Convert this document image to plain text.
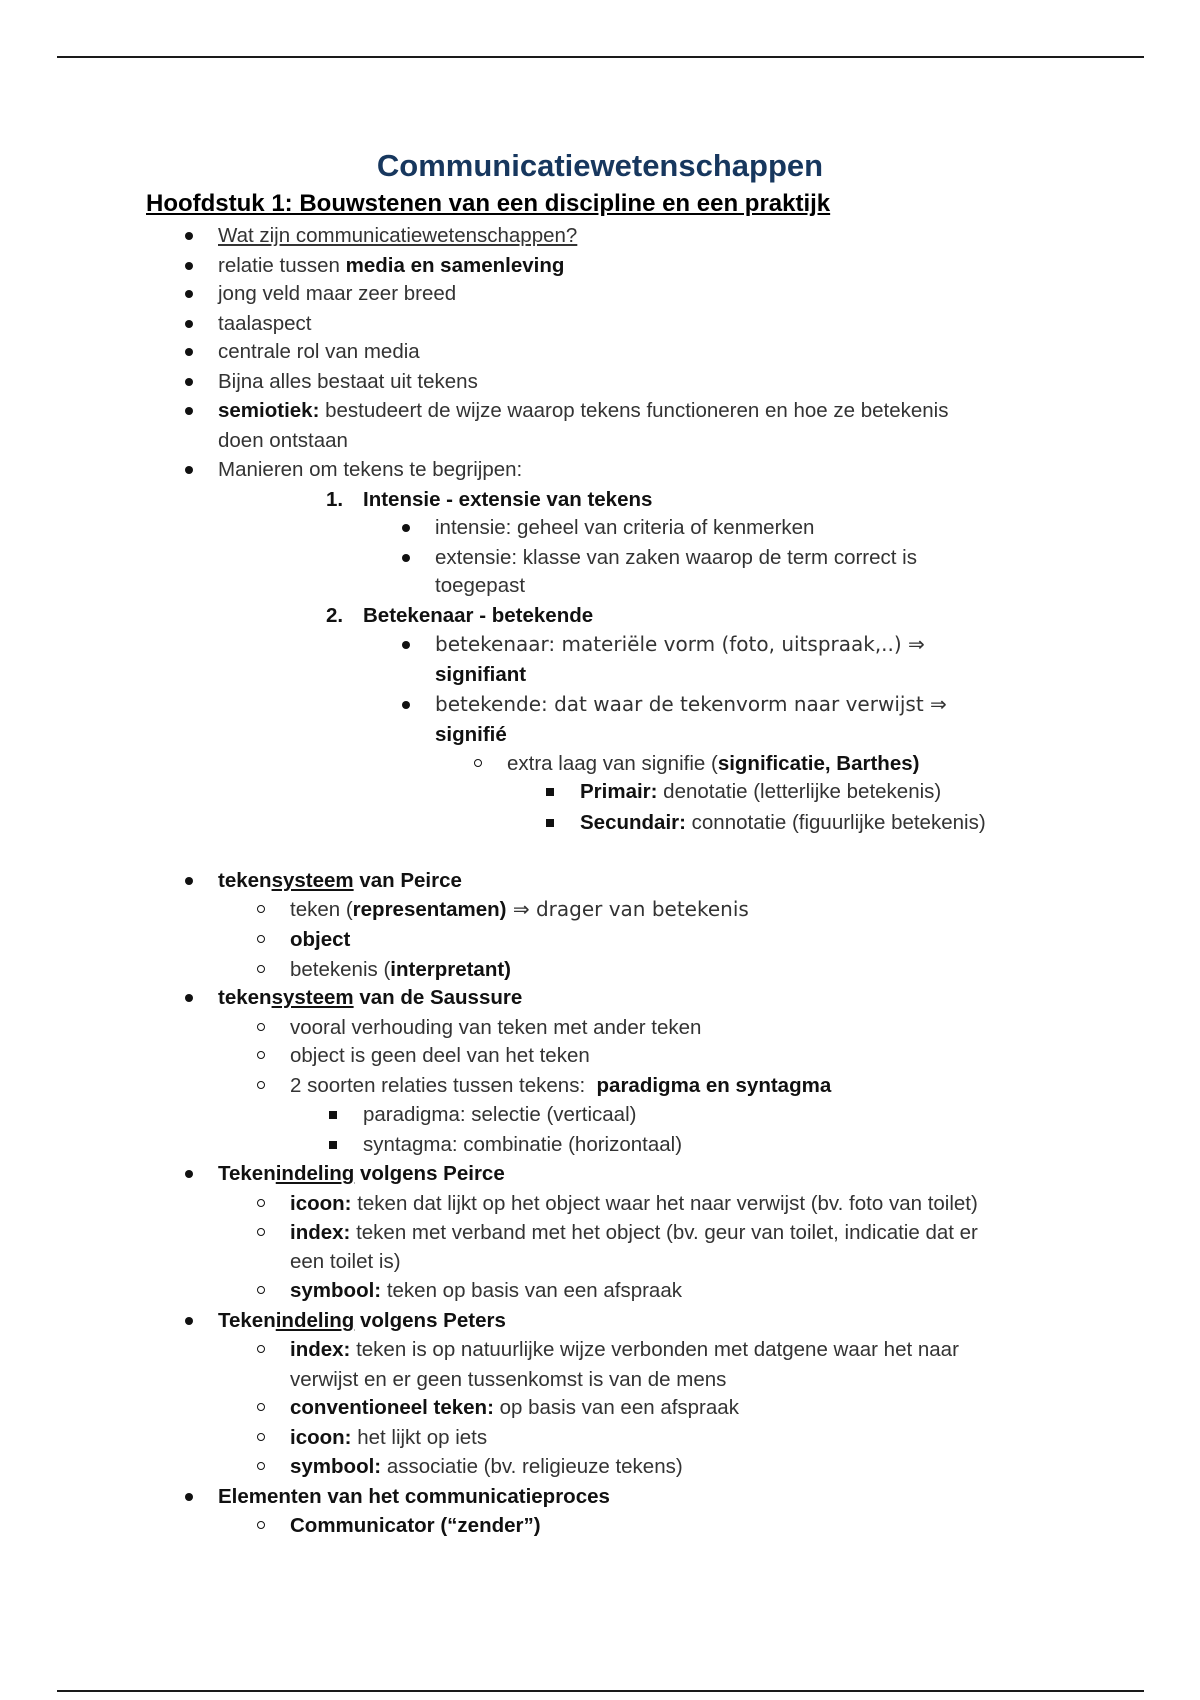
Communicatiewetenschappen
Hoofdstuk 1: Bouwstenen van een discipline en een praktijk
Wat zijn communicatiewetenschappen?
relatie tussen media en samenleving
jong veld maar zeer breed
taalaspect
centrale rol van media
Bijna alles bestaat uit tekens
semiotiek: bestudeert de wijze waarop tekens functioneren en hoe ze betekenis
doen ontstaan
Manieren om tekens te begrijpen:
1. Intensie - extensie van tekens
intensie: geheel van criteria of kenmerken
extensie: klasse van zaken waarop de term correct is
toegepast
2. Betekenaar - betekende
betekenaar: materiële vorm (foto, uitspraak,..) ⇒
signifiant
betekende: dat waar de tekenvorm naar verwijst ⇒
signifié
extra laag van signifie (significatie, Barthes)
Primair: denotatie (letterlijke betekenis)
Secundair: connotatie (figuurlijke betekenis)
tekensysteem van Peirce
teken (representamen) ⇒ drager van betekenis
object
betekenis (interpretant)
tekensysteem van de Saussure
vooral verhouding van teken met ander teken
object is geen deel van het teken
2 soorten relaties tussen tekens:  paradigma en syntagma
paradigma: selectie (verticaal)
syntagma: combinatie (horizontaal)
Tekenindeling volgens Peirce
icoon: teken dat lijkt op het object waar het naar verwijst (bv. foto van toilet)
index: teken met verband met het object (bv. geur van toilet, indicatie dat er
een toilet is)
symbool: teken op basis van een afspraak
Tekenindeling volgens Peters
index: teken is op natuurlijke wijze verbonden met datgene waar het naar
verwijst en er geen tussenkomst is van de mens
conventioneel teken: op basis van een afspraak
icoon: het lijkt op iets
symbool: associatie (bv. religieuze tekens)
Elementen van het communicatieproces
Communicator (“zender”)
